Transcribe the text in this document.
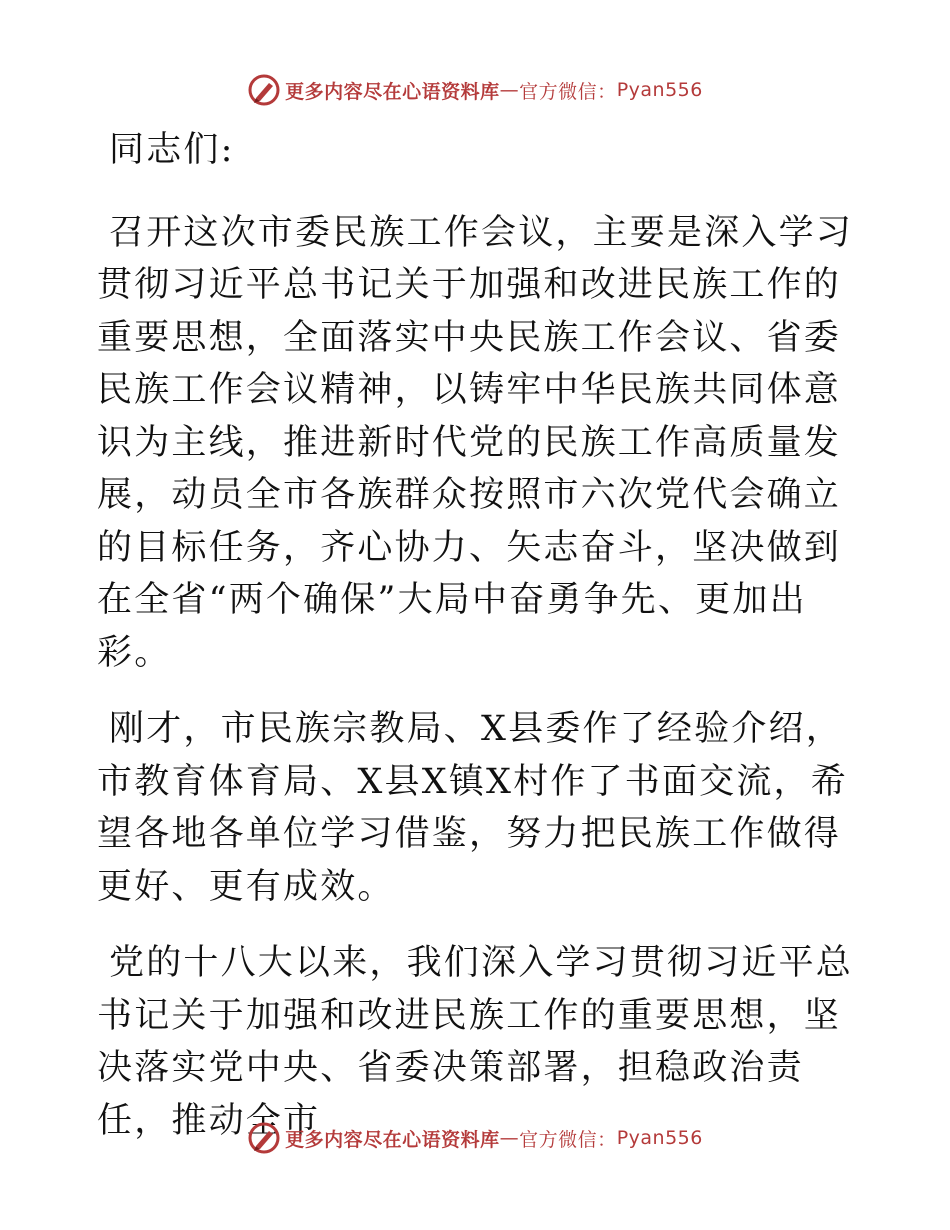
更多内容尽在心语资料库 — 官方微信： Pyan556

同志们:

召开这次市委民族工作会议，主要是深入学习贯彻习近平总书记关于加强和改进民族工作的重要思想，全面落实中央民族工作会议、省委民族工作会议精神，以铸牢中华民族共同体意识为主线，推进新时代党的民族工作高质量发展，动员全市各族群众按照市六次党代会确立的目标任务，齐心协力、矢志奋斗，坚决做到在全省“两个确保”大局中奋勇争先、更加出彩。

刚才，市民族宗教局、X县委作了经验介绍，市教育体育局、X县X镇X村作了书面交流，希望各地各单位学习借鉴，努力把民族工作做得更好、更有成效。

党的十八大以来，我们深入学习贯彻习近平总书记关于加强和改进民族工作的重要思想，坚决落实党中央、省委决策部署，担稳政治责任，推动全市

更多内容尽在心语资料库 — 官方微信： Pyan556
